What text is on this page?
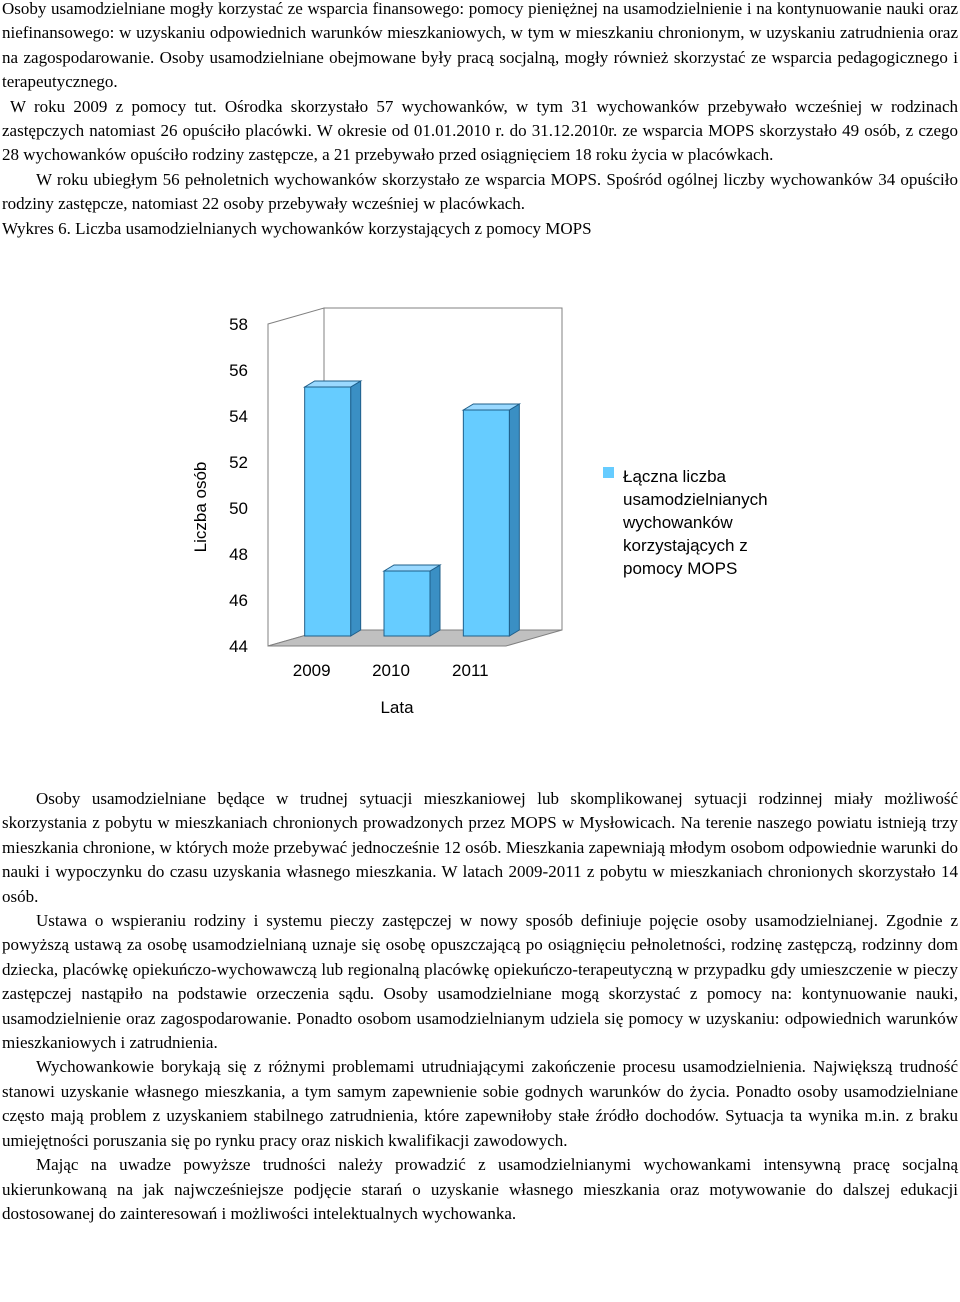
Osoby usamodzielniane mogły korzystać ze wsparcia finansowego: pomocy pieniężnej na usamodzielnienie i na kontynuowanie nauki oraz niefinansowego: w uzyskaniu odpowiednich warunków mieszkaniowych, w tym w mieszkaniu chronionym, w uzyskaniu zatrudnienia oraz na zagospodarowanie. Osoby usamodzielniane obejmowane były pracą socjalną, mogły również skorzystać ze wsparcia pedagogicznego i terapeutycznego.

W roku 2009 z pomocy tut. Ośrodka skorzystało 57 wychowanków, w tym 31 wychowanków przebywało wcześniej w rodzinach zastępczych natomiast 26 opuściło placówki. W okresie od 01.01.2010 r. do 31.12.2010r. ze wsparcia MOPS skorzystało 49 osób, z czego 28 wychowanków opuściło rodziny zastępcze, a 21 przebywało przed osiągnięciem 18 roku życia w placówkach.

W roku ubiegłym 56 pełnoletnich wychowanków skorzystało ze wsparcia MOPS. Spośród ogólnej liczby wychowanków 34 opuściło rodziny zastępcze, natomiast 22 osoby przebywały wcześniej w placówkach.

Wykres 6. Liczba usamodzielnianych wychowanków korzystających z pomocy MOPS

44
46
48
50
52
54
56
58
2009 2010 2011
Liczba osób
Lata
Łączna liczba
usamodzielnianych
wychowanków
korzystających z
pomocy MOPS

Osoby usamodzielniane będące w trudnej sytuacji mieszkaniowej lub skomplikowanej sytuacji rodzinnej miały możliwość skorzystania z pobytu w mieszkaniach chronionych prowadzonych przez MOPS w Mysłowicach. Na terenie naszego powiatu istnieją trzy mieszkania chronione, w których może przebywać jednocześnie 12 osób. Mieszkania zapewniają młodym osobom odpowiednie warunki do nauki i wypoczynku do czasu uzyskania własnego mieszkania. W latach 2009-2011 z pobytu w mieszkaniach chronionych skorzystało 14 osób.

Ustawa o wspieraniu rodziny i systemu pieczy zastępczej w nowy sposób definiuje pojęcie osoby usamodzielnianej. Zgodnie z powyższą ustawą za osobę usamodzielnianą uznaje się osobę opuszczającą po osiągnięciu pełnoletności, rodzinę zastępczą, rodzinny dom dziecka, placówkę opiekuńczo-wychowawczą lub regionalną placówkę opiekuńczo-terapeutyczną w przypadku gdy umieszczenie w pieczy zastępczej nastąpiło na podstawie orzeczenia sądu. Osoby usamodzielniane mogą skorzystać z pomocy na: kontynuowanie nauki, usamodzielnienie oraz zagospodarowanie. Ponadto osobom usamodzielnianym udziela się pomocy w uzyskaniu: odpowiednich warunków mieszkaniowych i zatrudnienia.

Wychowankowie borykają się z różnymi problemami utrudniającymi zakończenie procesu usamodzielnienia. Największą trudność stanowi uzyskanie własnego mieszkania, a tym samym zapewnienie sobie godnych warunków do życia. Ponadto osoby usamodzielniane często mają problem z uzyskaniem stabilnego zatrudnienia, które zapewniłoby stałe źródło dochodów. Sytuacja ta wynika m.in. z braku umiejętności poruszania się po rynku pracy oraz niskich kwalifikacji zawodowych.

Mając na uwadze powyższe trudności należy prowadzić z usamodzielnianymi wychowankami intensywną pracę socjalną ukierunkowaną na jak najwcześniejsze podjęcie starań o uzyskanie własnego mieszkania oraz motywowanie do dalszej edukacji dostosowanej do zainteresowań i możliwości intelektualnych wychowanka.
